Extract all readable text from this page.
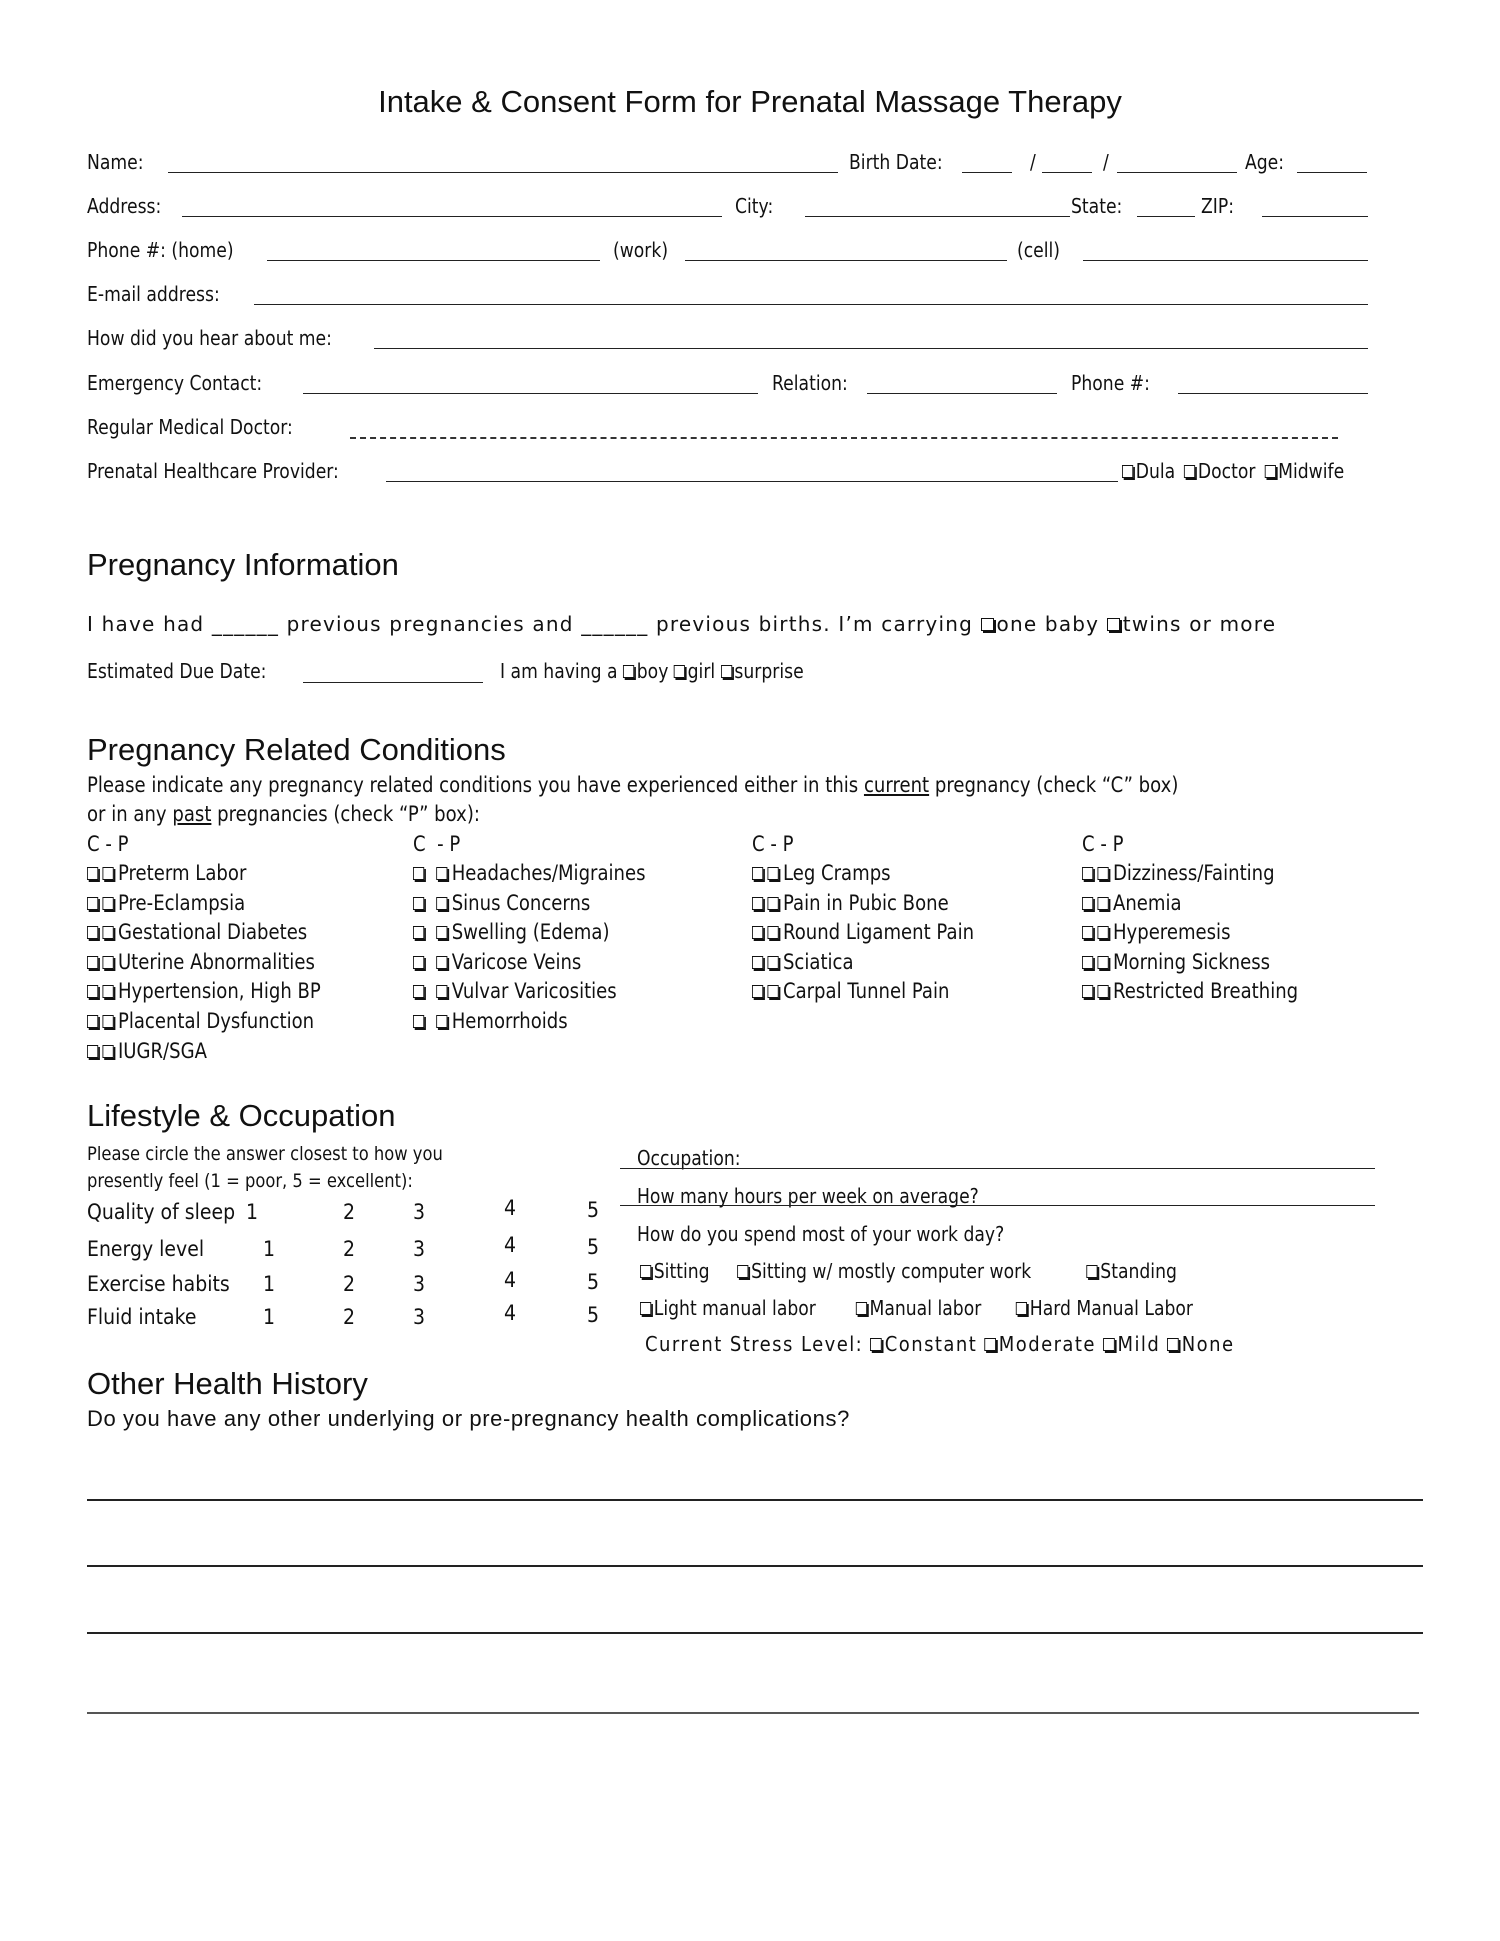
Intake & Consent Form for Prenatal Massage Therapy
Name:	Birth Date:	/	/	Age:
Address:	City:	State:	ZIP:
Phone #: (home)	(work)	(cell)
E-mail address:
How did you hear about me:
Emergency Contact:	Relation:	Phone #:
Regular Medical Doctor:
Prenatal Healthcare Provider:	Dula Doctor Midwife
Pregnancy Information
I have had ______ previous pregnancies and ______ previous births. I’m carrying one baby twins or more
Estimated Due Date:	I am having a boy girl surprise
Pregnancy Related Conditions
Please indicate any pregnancy related conditions you have experienced either in this current pregnancy (check “C” box)
or in any past pregnancies (check “P” box):
C - P
Preterm Labor
Pre-Eclampsia
Gestational Diabetes
Uterine Abnormalities
Hypertension, High BP
Placental Dysfunction
IUGR/SGA
C  - P
Headaches/Migraines
Sinus Concerns
Swelling (Edema)
Varicose Veins
Vulvar Varicosities
Hemorrhoids
C - P
Leg Cramps
Pain in Pubic Bone
Round Ligament Pain
Sciatica
Carpal Tunnel Pain
C - P
Dizziness/Fainting
Anemia
Hyperemesis
Morning Sickness
Restricted Breathing
Lifestyle & Occupation
Please circle the answer closest to how you
presently feel (1 = poor, 5 = excellent):
Quality of sleep 1	2	3	4	5
Energy level	1	2	3	4	5
Exercise habits 1	2	3	4	5
Fluid intake	1	2	3	4	5
Occupation:
How many hours per week on average?
How do you spend most of your work day?
Sitting Sitting w/ mostly computer work	Standing
Light manual labor	Manual labor Hard Manual Labor
Current Stress Level: Constant Moderate Mild None
Other Health History
Do you have any other underlying or pre-pregnancy health complications?
